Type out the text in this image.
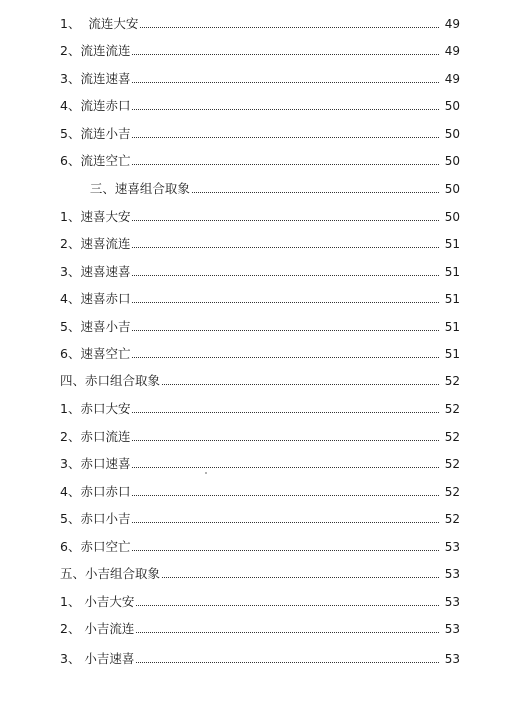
1、  流连大安	49
2、流连流连	49
3、流连速喜	49
4、流连赤口	50
5、流连小吉	50
6、流连空亡	50
三、速喜组合取象	50
1、速喜大安	50
2、速喜流连	51
3、速喜速喜	51
4、速喜赤口	51
5、速喜小吉	51
6、速喜空亡	51
四、赤口组合取象	52
1、赤口大安	52
2、赤口流连	52
3、赤口速喜	52
4、赤口赤口	52
5、赤口小吉	52
6、赤口空亡	53
五、小吉组合取象	53
1、 小吉大安	53
2、 小吉流连	53
3、 小吉速喜	53
